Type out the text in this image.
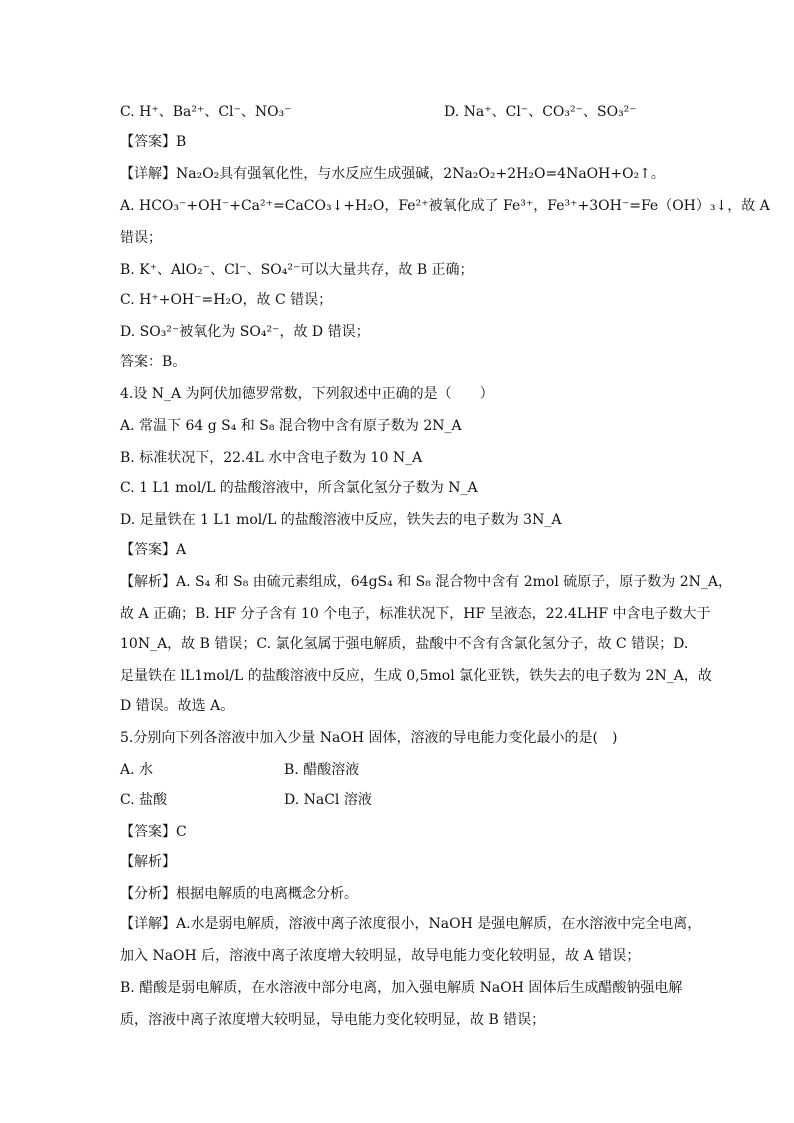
C. H⁺、Ba²⁺、Cl⁻、NO₃⁻	D. Na⁺、Cl⁻、CO₃²⁻、SO₃²⁻
【答案】B
【详解】Na₂O₂具有强氧化性，与水反应生成强碱，2Na₂O₂+2H₂O=4NaOH+O₂↑。
A. HCO₃⁻+OH⁻+Ca²⁺=CaCO₃↓+H₂O，Fe²⁺被氧化成了 Fe³⁺，Fe³⁺+3OH⁻=Fe（OH）₃↓，故 A
错误；
B. K⁺、AlO₂⁻、Cl⁻、SO₄²⁻可以大量共存，故 B 正确；
C. H⁺+OH⁻=H₂O，故 C 错误；
D. SO₃²⁻被氧化为 SO₄²⁻，故 D 错误；
答案：B。
4.设 N_A 为阿伏加德罗常数，下列叙述中正确的是（　　）
A. 常温下 64 g S₄ 和 S₈ 混合物中含有原子数为 2N_A
B. 标准状况下，22.4L 水中含电子数为 10 N_A
C. 1 L1 mol/L 的盐酸溶液中，所含氯化氢分子数为 N_A
D. 足量铁在 1 L1 mol/L 的盐酸溶液中反应，铁失去的电子数为 3N_A
【答案】A
【解析】A. S₄ 和 S₈ 由硫元素组成，64gS₄ 和 S₈ 混合物中含有 2mol 硫原子，原子数为 2N_A，
故 A 正确；B. HF 分子含有 10 个电子，标准状况下，HF 呈液态，22.4LHF 中含电子数大于
10N_A，故 B 错误；C. 氯化氢属于强电解质，盐酸中不含有含氯化氢分子，故 C 错误；D.
足量铁在 lL1mol/L 的盐酸溶液中反应，生成 0,5mol 氯化亚铁，铁失去的电子数为 2N_A，故
D 错误。故选 A。
5.分别向下列各溶液中加入少量 NaOH 固体，溶液的导电能力变化最小的是(　)
A. 水	B. 醋酸溶液
C. 盐酸	D. NaCl 溶液
【答案】C
【解析】
【分析】根据电解质的电离概念分析。
【详解】A.水是弱电解质，溶液中离子浓度很小，NaOH 是强电解质，在水溶液中完全电离，
加入 NaOH 后，溶液中离子浓度增大较明显，故导电能力变化较明显，故 A 错误；
B. 醋酸是弱电解质，在水溶液中部分电离，加入强电解质 NaOH 固体后生成醋酸钠强电解
质，溶液中离子浓度增大较明显，导电能力变化较明显，故 B 错误；
